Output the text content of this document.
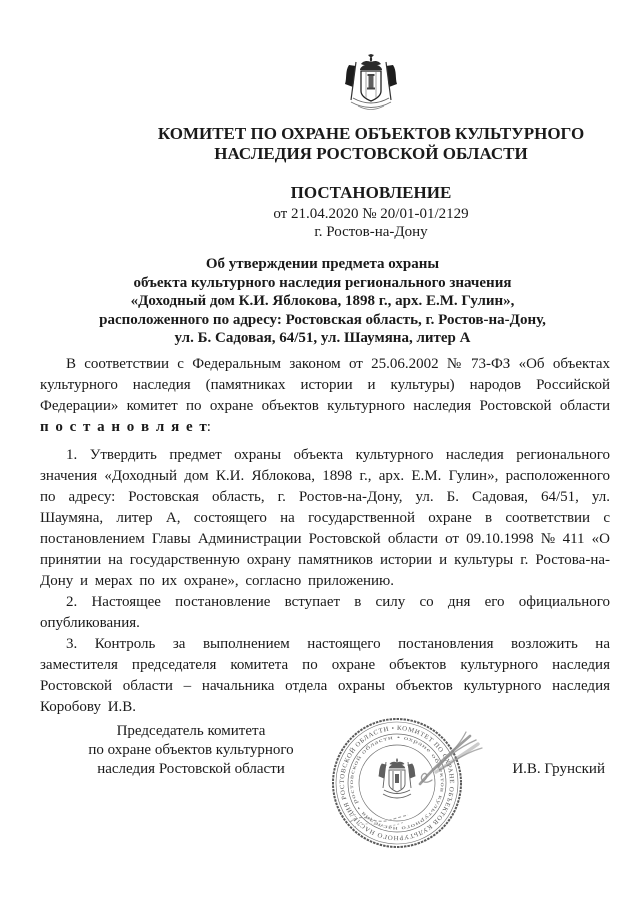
КОМИТЕТ ПО ОХРАНЕ ОБЪЕКТОВ КУЛЬТУРНОГО
НАСЛЕДИЯ РОСТОВСКОЙ ОБЛАСТИ
ПОСТАНОВЛЕНИЕ
от 21.04.2020 № 20/01-01/2129
г. Ростов-на-Дону
Об утверждении предмета охраны
объекта культурного наследия регионального значения
«Доходный дом К.И. Яблокова, 1898 г., арх. Е.М. Гулин»,
расположенного по адресу: Ростовская область, г. Ростов-на-Дону,
ул. Б. Садовая, 64/51, ул. Шаумяна, литер А

В соответствии с Федеральным законом от 25.06.2002 № 73-ФЗ «Об объектах культурного наследия (памятниках истории и культуры) народов Российской Федерации» комитет по охране объектов культурного наследия Ростовской области п о с т а н о в л я е т:

1. Утвердить предмет охраны объекта культурного наследия регионального значения «Доходный дом К.И. Яблокова, 1898 г., арх. Е.М. Гулин», расположенного по адресу: Ростовская область, г. Ростов-на-Дону, ул. Б. Садовая, 64/51, ул. Шаумяна, литер А, состоящего на государственной охране в соответствии с постановлением Главы Администрации Ростовской области от 09.10.1998 № 411 «О принятии на государственную охрану памятников истории и культуры г. Ростова-на-Дону и мерах по их охране», согласно приложению.

2. Настоящее постановление вступает в силу со дня его официального опубликования.

3. Контроль за выполнением настоящего постановления возложить на заместителя председателя комитета по охране объектов культурного наследия Ростовской области – начальника отдела охраны объектов культурного наследия Коробову И.В.

Председатель комитета
по охране объектов культурного
наследия Ростовской области	И.В. Грунский
КОМИТЕТ ПО ОХРАНЕ ОБЪЕКТОВ КУЛЬТУРНОГО НАСЛЕДИЯ РОСТОВСКОЙ ОБЛАСТИ •
• охране объектов культурного наследия • ростовской области
